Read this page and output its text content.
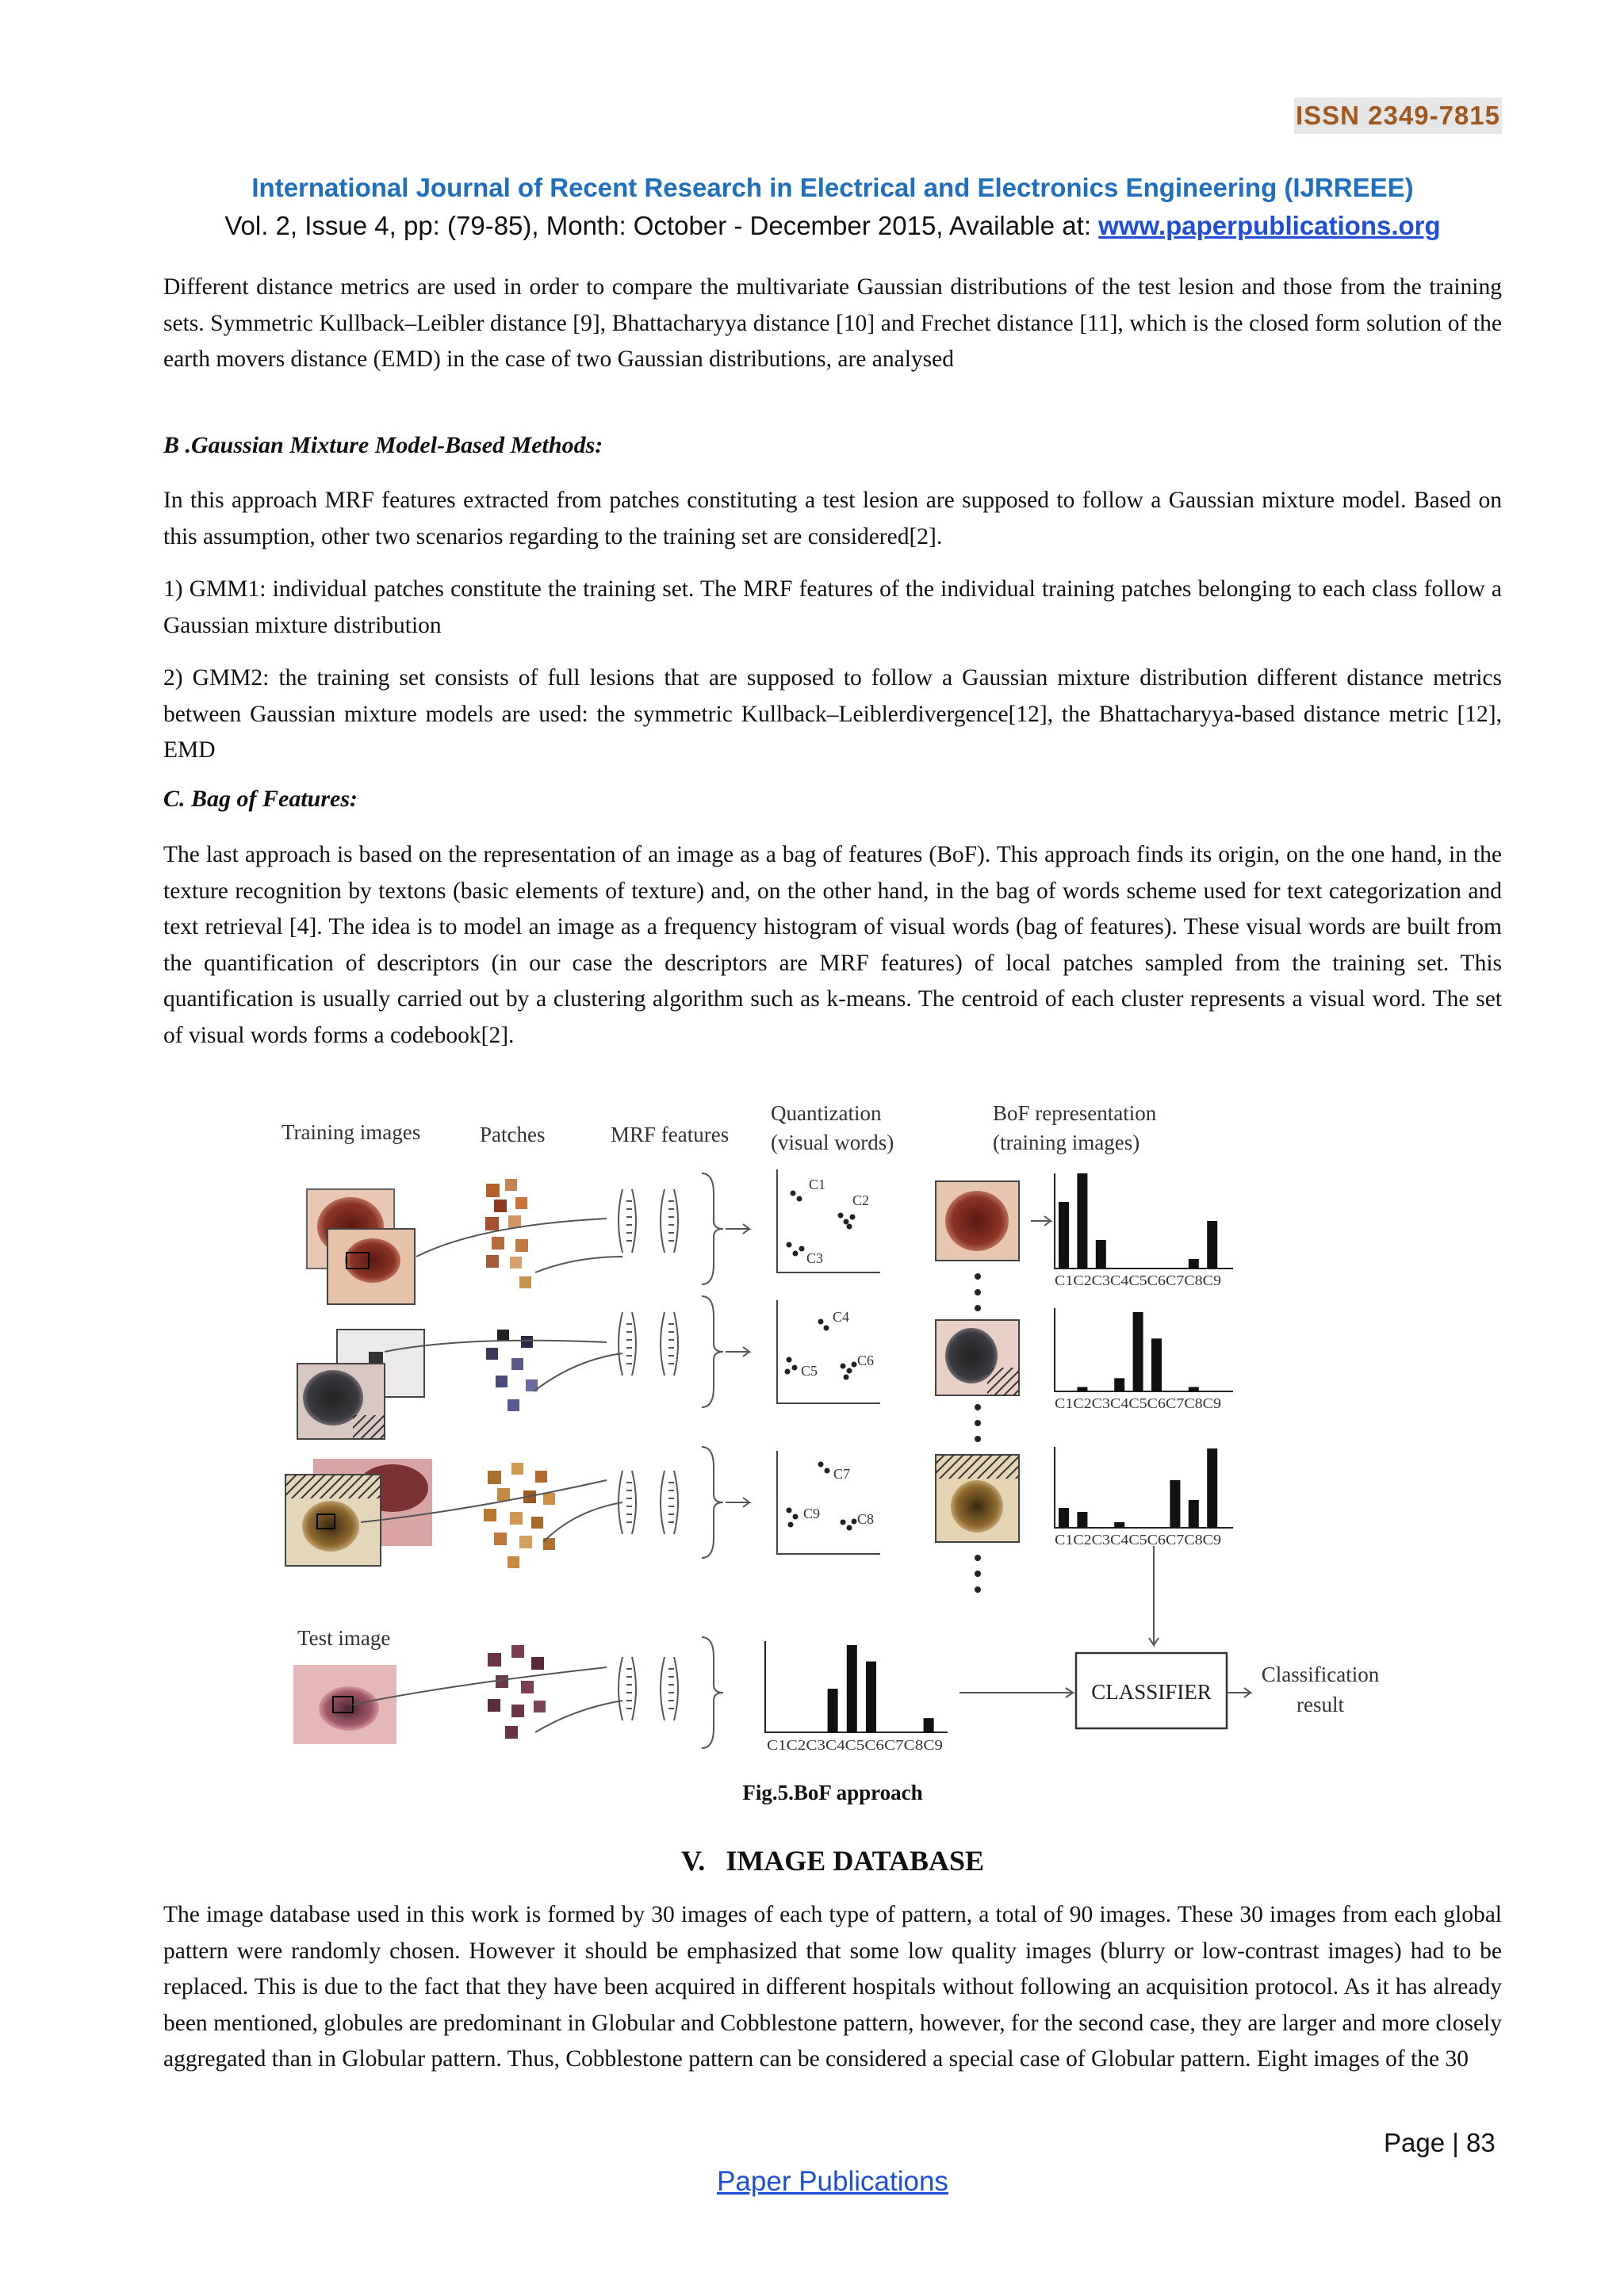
ISSN 2349-7815
International Journal of Recent Research in Electrical and Electronics Engineering (IJRREEE)
Vol. 2, Issue 4, pp: (79-85), Month: October - December 2015, Available at: www.paperpublications.org

Different distance metrics are used in order to compare the multivariate Gaussian distributions of the test lesion and those from the training sets. Symmetric Kullback–Leibler distance [9], Bhattacharyya distance [10] and Frechet distance [11], which is the closed form solution of the earth movers distance (EMD) in the case of two Gaussian distributions, are analysed

B .Gaussian Mixture Model-Based Methods:

In this approach MRF features extracted from patches constituting a test lesion are supposed to follow a Gaussian mixture model. Based on this assumption, other two scenarios regarding to the training set are considered[2].

1) GMM1: individual patches constitute the training set. The MRF features of the individual training patches belonging to each class follow a Gaussian mixture distribution

2) GMM2: the training set consists of full lesions that are supposed to follow a Gaussian mixture distribution different distance metrics between Gaussian mixture models are used: the symmetric Kullback–Leiblerdivergence[12], the Bhattacharyya-based distance metric [12], EMD

C. Bag of Features:

The last approach is based on the representation of an image as a bag of features (BoF). This approach finds its origin, on the one hand, in the texture recognition by textons (basic elements of texture) and, on the other hand, in the bag of words scheme used for text categorization and text retrieval [4]. The idea is to model an image as a frequency histogram of visual words (bag of features). These visual words are built from the quantification of descriptors (in our case the descriptors are MRF features) of local patches sampled from the training set. This quantification is usually carried out by a clustering algorithm such as k-means. The centroid of each cluster represents a visual word. The set of visual words forms a codebook[2].

Training images	Patches	MRF features
Quantization
(visual words)
BoF representation
(training images)
Test image
C1
C2
C3
C4
C5
C6
C7
C9	C8
C1C2C3C4C5C6C7C8C9
C1C2C3C4C5C6C7C8C9
C1C2C3C4C5C6C7C8C9
C1C2C3C4C5C6C7C8C9
CLASSIFIER
Classification
result
Fig.5.BoF approach
V. IMAGE DATABASE

The image database used in this work is formed by 30 images of each type of pattern, a total of 90 images. These 30 images from each global pattern were randomly chosen. However it should be emphasized that some low quality images (blurry or low-contrast images) had to be replaced. This is due to the fact that they have been acquired in different hospitals without following an acquisition protocol. As it has already been mentioned, globules are predominant in Globular and Cobblestone pattern, however, for the second case, they are larger and more closely aggregated than in Globular pattern. Thus, Cobblestone pattern can be considered a special case of Globular pattern. Eight images of the 30

Page | 83
Paper Publications
